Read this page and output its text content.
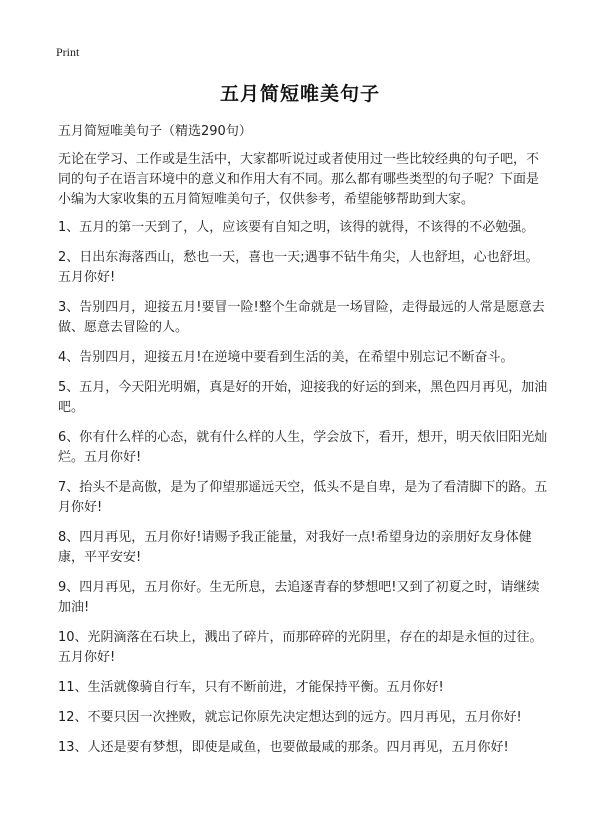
Print
五月简短唯美句子
五月简短唯美句子（精选290句）

无论在学习、工作或是生活中，大家都听说过或者使用过一些比较经典的句子吧，不同的句子在语言环境中的意义和作用大有不同。那么都有哪些类型的句子呢？下面是小编为大家收集的五月简短唯美句子，仅供参考，希望能够帮助到大家。

1、五月的第一天到了，人，应该要有自知之明，该得的就得，不该得的不必勉强。

2、日出东海落西山，愁也一天，喜也一天;遇事不钻牛角尖，人也舒坦，心也舒坦。五月你好!

3、告别四月，迎接五月!要冒一险!整个生命就是一场冒险，走得最远的人常是愿意去做、愿意去冒险的人。

4、告别四月，迎接五月!在逆境中要看到生活的美，在希望中别忘记不断奋斗。

5、五月，今天阳光明媚，真是好的开始，迎接我的好运的到来，黑色四月再见，加油吧。

6、你有什么样的心态，就有什么样的人生，学会放下，看开，想开，明天依旧阳光灿烂。五月你好!

7、抬头不是高傲，是为了仰望那遥远天空，低头不是自卑，是为了看清脚下的路。五月你好!

8、四月再见，五月你好!请赐予我正能量，对我好一点!希望身边的亲朋好友身体健康，平平安安!

9、四月再见，五月你好。生无所息，去追逐青春的梦想吧!又到了初夏之时，请继续加油!

10、光阴滴落在石块上，溅出了碎片，而那碎碎的光阴里，存在的却是永恒的过往。五月你好!

11、生活就像骑自行车，只有不断前进，才能保持平衡。五月你好!

12、不要只因一次挫败，就忘记你原先决定想达到的远方。四月再见，五月你好!

13、人还是要有梦想，即使是咸鱼，也要做最咸的那条。四月再见，五月你好!
